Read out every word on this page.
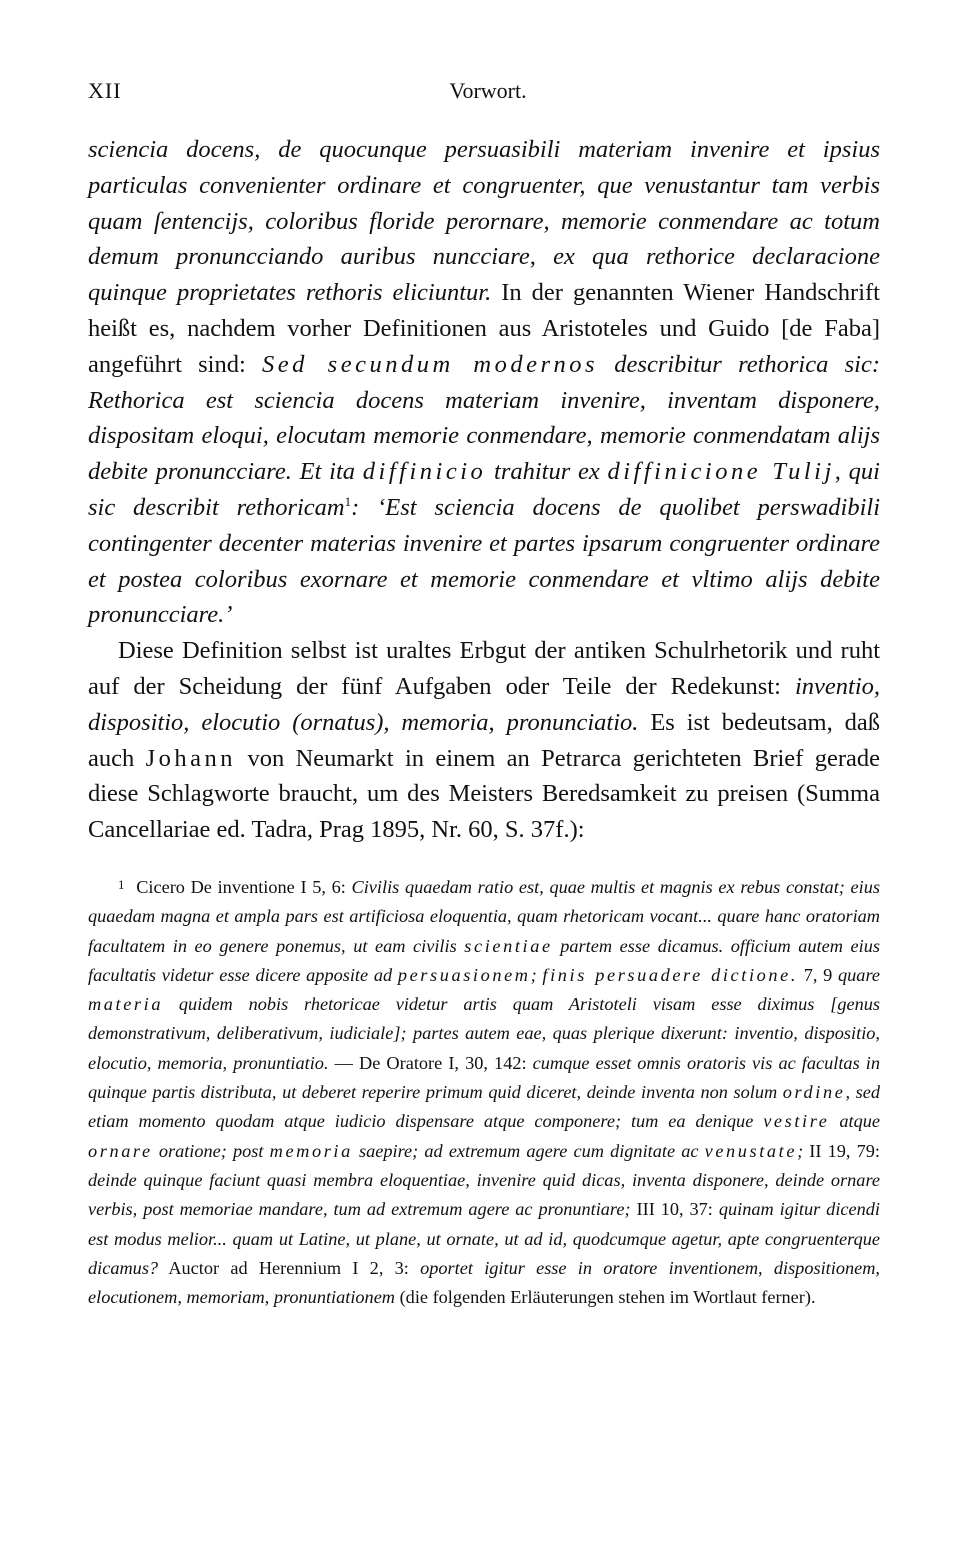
XII	Vorwort.

sciencia docens, de quocunque persuasibili materiam invenire et ipsius particulas convenienter ordinare et congruenter, que venustantur tam verbis quam ſentencijs, coloribus floride perornare, memorie conmendare ac totum demum pronuncciando auribus nuncciare, ex qua rethorice declaracione quinque proprietates rethoris eliciuntur. In der genannten Wiener Handschrift heißt es, nachdem vorher Definitionen aus Aristoteles und Guido [de Faba] angeführt sind: Sed secundum modernos describitur rethorica sic: Rethorica est sciencia docens materiam invenire, inventam disponere, dispositam eloqui, elocutam memorie conmendare, memorie conmendatam alijs debite pronuncciare. Et ita diffinicio trahitur ex diffinicione Tulij, qui sic describit rethoricam$^1$: ‘Est sciencia docens de quolibet perswadibili contingenter decenter materias invenire et partes ipsarum congruenter ordinare et postea coloribus exornare et memorie conmendare et vltimo alijs debite pronuncciare.’

Diese Definition selbst ist uraltes Erbgut der antiken Schulrhetorik und ruht auf der Scheidung der fünf Aufgaben oder Teile der Redekunst: inventio, dispositio, elocutio (ornatus), memoria, pronunciatio. Es ist bedeutsam, daß auch Johann von Neumarkt in einem an Petrarca gerichteten Brief gerade diese Schlagworte braucht, um des Meisters Beredsamkeit zu preisen (Summa Cancellariae ed. Tadra, Prag 1895, Nr. 60, S. 37f.):

$^1$ Cicero De inventione I 5, 6: Civilis quaedam ratio est, quae multis et magnis ex rebus constat; eius quaedam magna et ampla pars est artificiosa eloquentia, quam rhetoricam vocant... quare hanc oratoriam facultatem in eo genere ponemus, ut eam civilis scientiae partem esse dicamus. officium autem eius facultatis videtur esse dicere apposite ad persuasionem; finis persuadere dictione. 7, 9 quare materia quidem nobis rhetoricae videtur artis quam Aristoteli visam esse diximus [genus demonstrativum, deliberativum, iudiciale]; partes autem eae, quas plerique dixerunt: inventio, dispositio, elocutio, memoria, pronuntiatio. — De Oratore I, 30, 142: cumque esset omnis oratoris vis ac facultas in quinque partis distributa, ut deberet reperire primum quid diceret, deinde inventa non solum ordine, sed etiam momento quodam atque iudicio dispensare atque componere; tum ea denique vestire atque ornare oratione; post memoria saepire; ad extremum agere cum dignitate ac venustate; II 19, 79: deinde quinque faciunt quasi membra eloquentiae, invenire quid dicas, inventa disponere, deinde ornare verbis, post memoriae mandare, tum ad extremum agere ac pronuntiare; III 10, 37: quinam igitur dicendi est modus melior... quam ut Latine, ut plane, ut ornate, ut ad id, quodcumque agetur, apte congruenterque dicamus? Auctor ad Herennium I 2, 3: oportet igitur esse in oratore inventionem, dispositionem, elocutionem, memoriam, pronuntiationem (die folgenden Erläuterungen stehen im Wortlaut ferner).
